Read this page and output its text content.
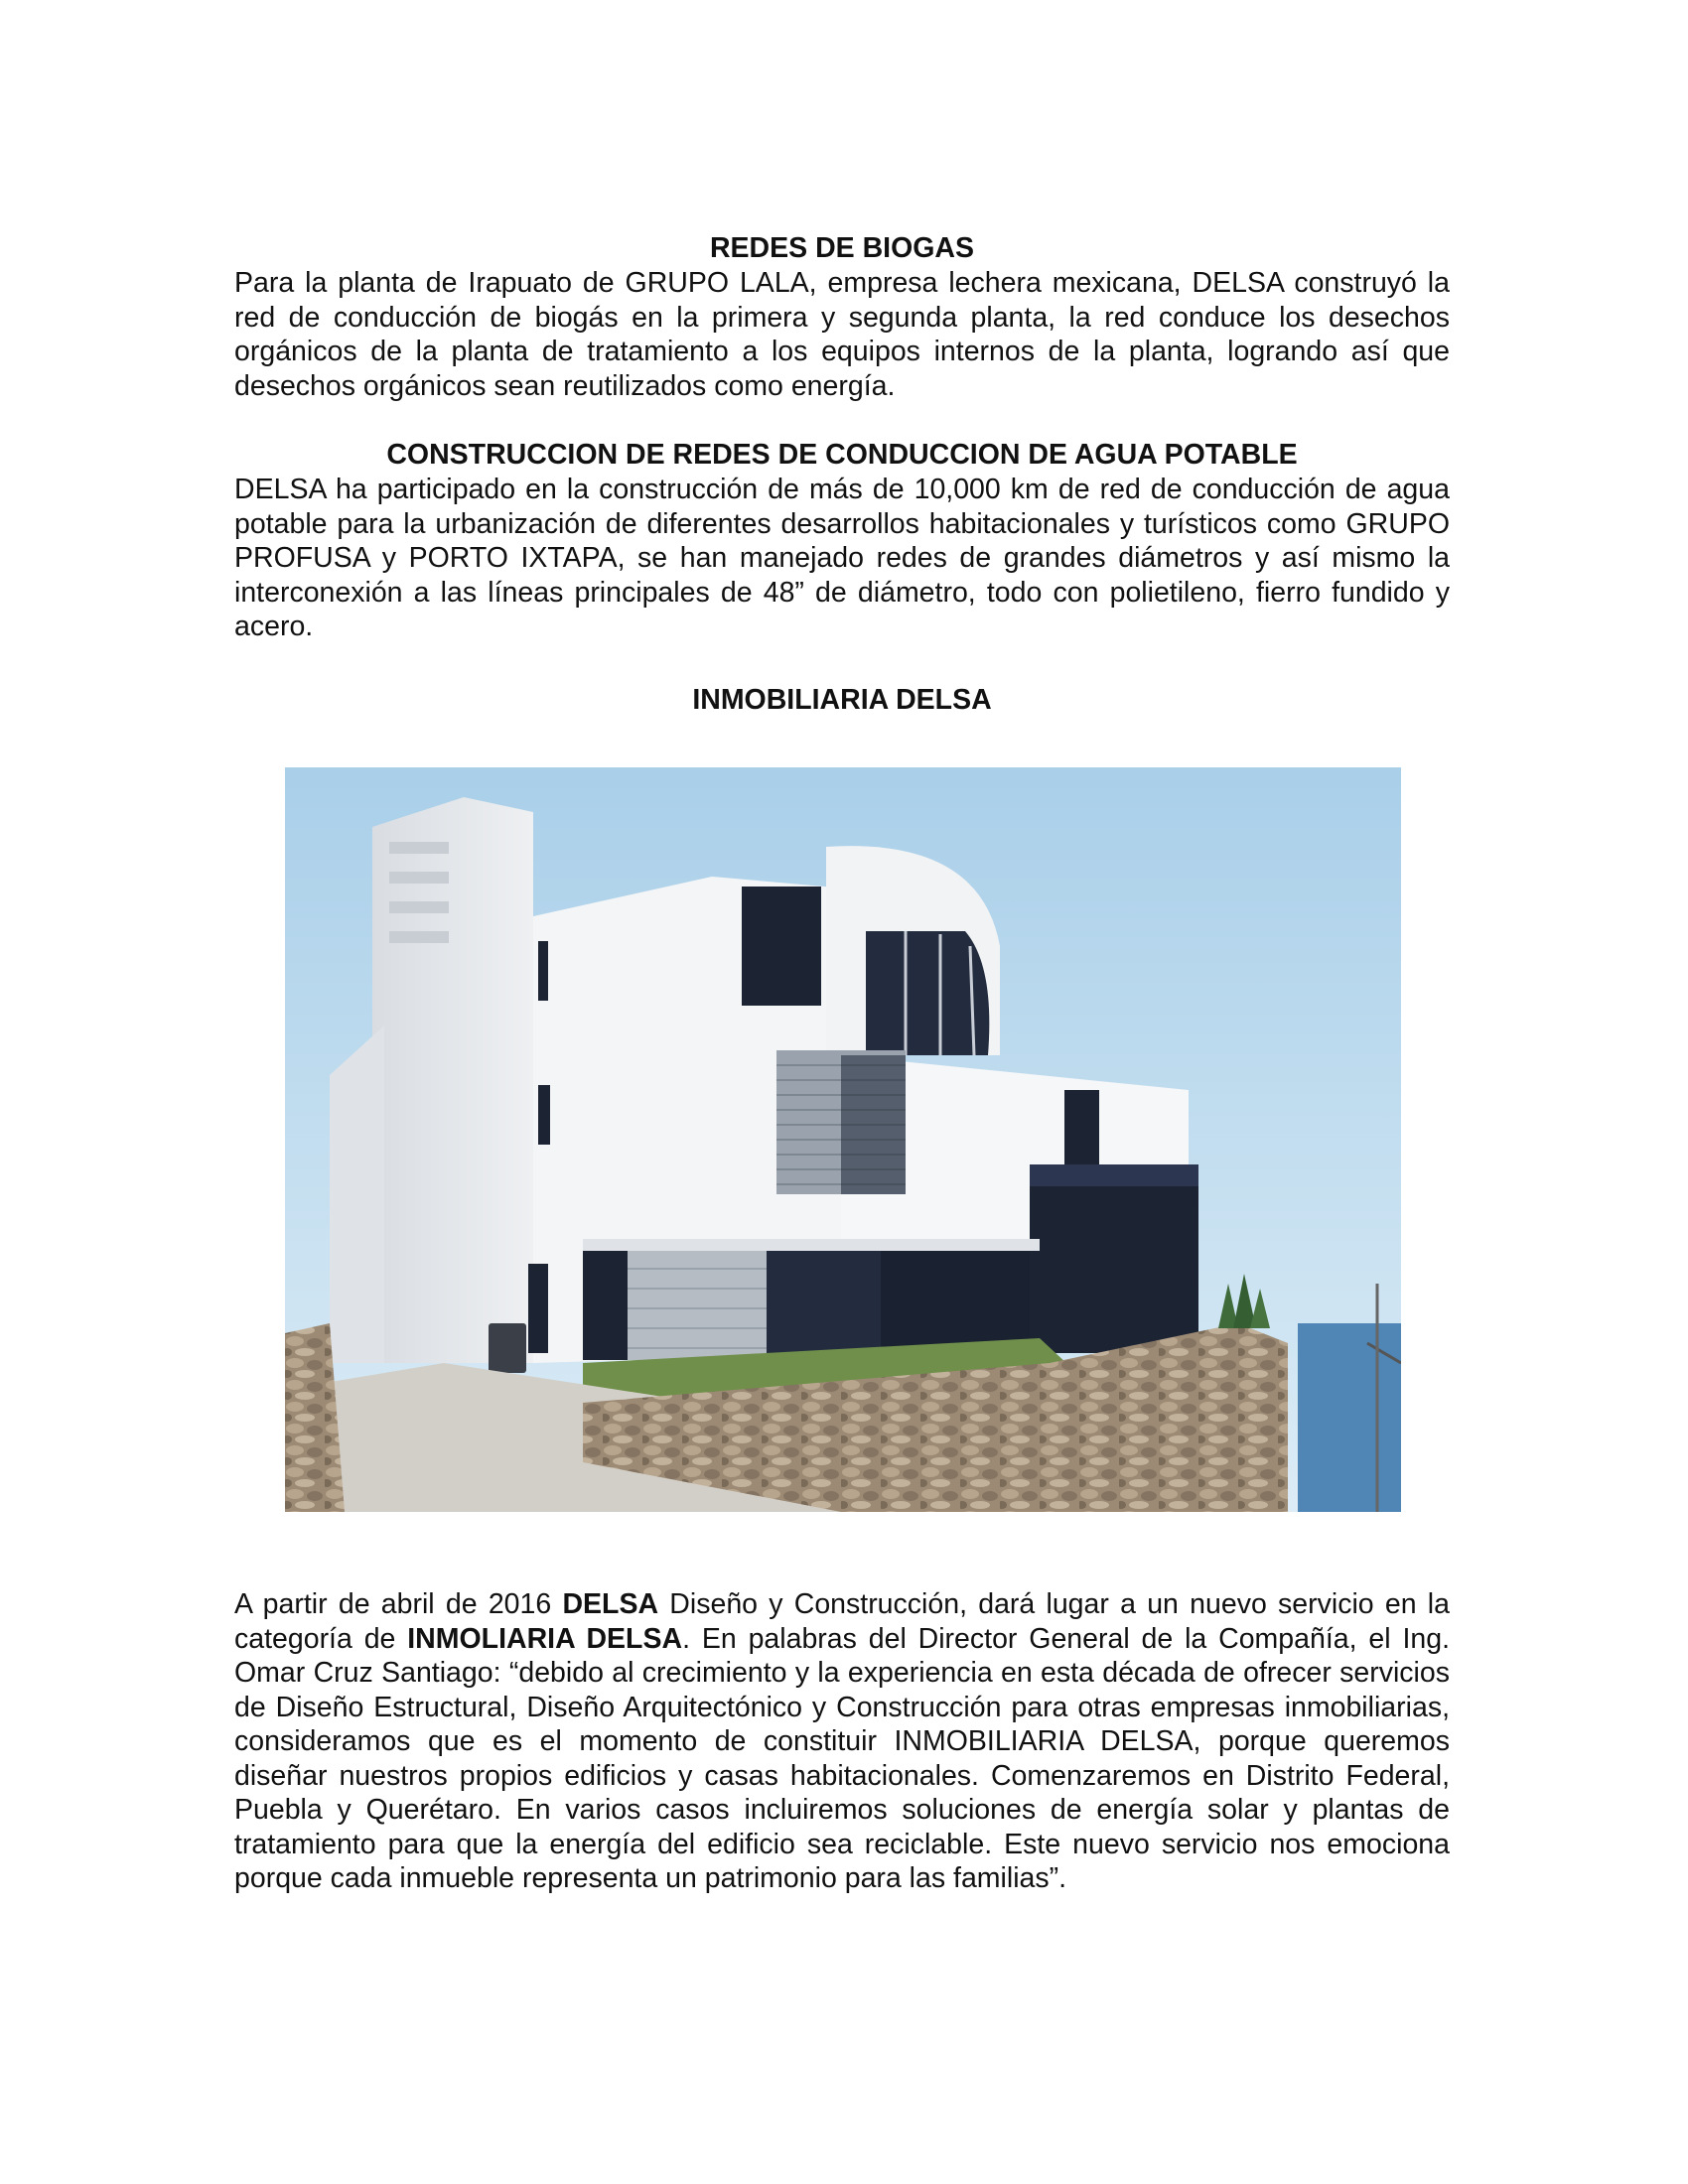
REDES DE BIOGAS

Para la planta de Irapuato de GRUPO LALA, empresa lechera mexicana, DELSA construyó la red de conducción de biogás en la primera y segunda planta, la red conduce los desechos orgánicos de la planta de tratamiento a los equipos internos de la planta, logrando así que desechos orgánicos sean reutilizados como energía.

CONSTRUCCION DE REDES DE CONDUCCION DE AGUA POTABLE

DELSA ha participado en la construcción de más de 10,000 km de red de conducción de agua potable para la urbanización de diferentes desarrollos habitacionales y turísticos como GRUPO PROFUSA y PORTO IXTAPA, se han manejado redes de grandes diámetros y así mismo la interconexión a las líneas principales de 48” de diámetro, todo con polietileno, fierro fundido y acero.

INMOBILIARIA DELSA

A partir de abril de 2016 DELSA Diseño y Construcción, dará lugar a un nuevo servicio en la categoría de INMOLIARIA DELSA. En palabras del Director General de la Compañía, el Ing. Omar Cruz Santiago: “debido al crecimiento y la experiencia en esta década de ofrecer servicios de Diseño Estructural, Diseño Arquitectónico y Construcción para otras empresas inmobiliarias, consideramos que es el momento de constituir INMOBILIARIA DELSA, porque queremos diseñar nuestros propios edificios y casas habitacionales. Comenzaremos en Distrito Federal, Puebla y Querétaro. En varios casos incluiremos soluciones de energía solar y plantas de tratamiento para que la energía del edificio sea reciclable. Este nuevo servicio nos emociona porque cada inmueble representa un patrimonio para las familias”.
